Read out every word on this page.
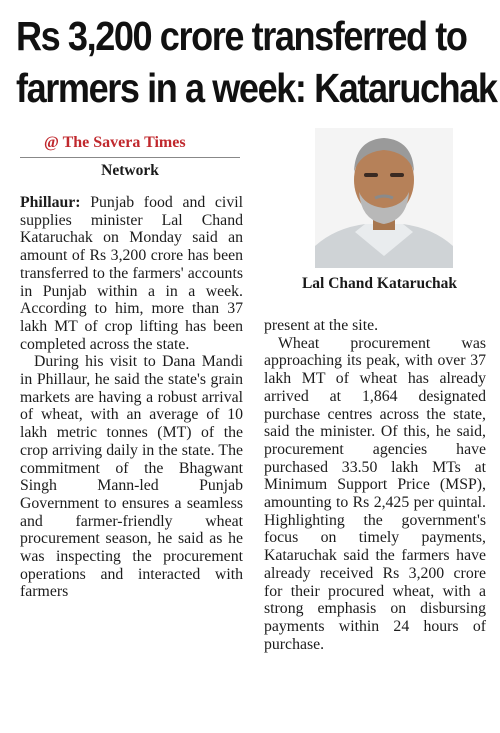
Rs 3,200 crore transferred to
farmers in a week: Kataruchak
@ The Savera Times
Network

Phillaur: Punjab food and civil supplies minister Lal Chand Kataruchak on Monday said an amount of Rs 3,200 crore has been transferred to the farmers' accounts in Punjab within a in a week. According to him, more than 37 lakh MT of crop lifting has been completed across the state.

During his visit to Dana Mandi in Phillaur, he said the state's grain markets are having a robust arrival of wheat, with an average of 10 lakh metric tonnes (MT) of the crop arriving daily in the state. The commitment of the Bhagwant Singh Mann-led Punjab Government to ensures a seamless and farmer-friendly wheat procurement season, he said as he was inspecting the procurement operations and interacted with farmers

Lal Chand Kataruchak

present at the site.

Wheat procurement was approaching its peak, with over 37 lakh MT of wheat has already arrived at 1,864 designated purchase centres across the state, said the minister. Of this, he said, procurement agencies have purchased 33.50 lakh MTs at Minimum Support Price (MSP), amounting to Rs 2,425 per quintal. Highlighting the government's focus on timely payments, Kataruchak said the farmers have already received Rs 3,200 crore for their procured wheat, with a strong emphasis on disbursing payments within 24 hours of purchase.
